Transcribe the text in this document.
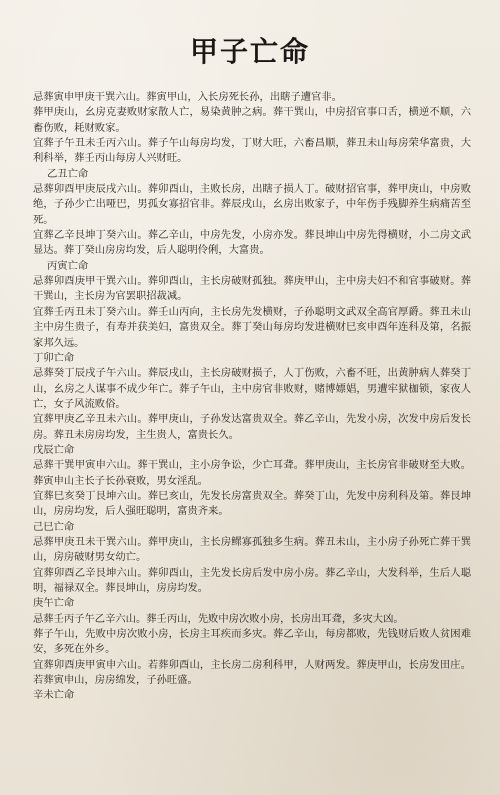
甲子亡命

忌葬寅申甲庚干巽六山。葬寅甲山，入长房死长孙，出瞎子遭官非。

葬甲庚山，幺房克妻败财家散人亡，易染黄肿之病。葬干巽山，中房招官事口舌，横逆不顺，六畜伤败，耗财败家。

宜葬子午丑未壬丙六山。葬子午山每房均发，丁财大旺，六畜昌顺，葬丑未山每房荣华富贵，大利科举，葬壬丙山每房人兴财旺。

乙丑亡命

忌葬卯酉甲庚辰戌六山。葬卯酉山，主败长房，出瞎子损人丁。破财招官事，葬甲庚山，中房败绝，子孙少亡出哑巴，男孤女寡招官非。葬辰戌山，幺房出败家子，中年伤手残脚养生病痛苦至死。

宜葬乙辛艮坤丁癸六山。葬乙辛山，中房先发，小房亦发。葬艮坤山中房先得横财，小二房文武显达。葬丁癸山房房均发，后人聪明伶俐，大富贵。

丙寅亡命

忌葬卯酉庚甲干巽六山。葬卯酉山，主长房破财孤独。葬庚甲山，主中房夫妇不和官事破财。葬干巽山，主长房为官罢职招裁减。

宜葬壬丙丑未丁癸六山。葬壬山丙向，主长房先发横财，子孙聪明文武双全高官厚爵。葬丑未山主中房生贵子，有寿并获美妇，富贵双全。葬丁癸山每房均发进横财巳亥申酉年连科及第，名振家邦久远。

丁卯亡命

忌葬癸丁辰戌子午六山。葬辰戌山，主长房破财损子，人丁伤败，六畜不旺，出黄肿病人葬癸丁山，幺房之人谋事不成少年亡。葬子午山，主中房官非败财，赌博嫖娼，男遭牢狱枷锁，家夜人亡，女子风流败俗。

宜葬甲庚乙辛丑未六山。葬甲庚山，子孙发达富贵双全。葬乙辛山，先发小房，次发中房后发长房。葬丑未房房均发，主生贵人，富贵长久。

戊辰亡命

忌葬干巽甲寅申六山。葬干巽山，主小房争讼，少亡耳聋。葬甲庚山，主长房官非破财至大败。葬寅申山主长子长孙衰败，男女淫乱。

宜葬巳亥癸丁艮坤六山。葬巳亥山，先发长房富贵双全。葬癸丁山，先发中房利科及第。葬艮坤山，房房均发，后人强旺聪明，富贵齐来。

己巳亡命

忌葬甲庚丑未干巽六山。葬甲庚山，主长房鳏寡孤独多生病。葬丑未山，主小房子孙死亡葬干巽山，房房破财男女幼亡。

宜葬卯酉乙辛艮坤六山。葬卯酉山，主先发长房后发中房小房。葬乙辛山，大发科举，生后人聪明，福禄双全。葬艮坤山，房房均发。

庚午亡命

忌葬壬丙子午乙辛六山。葬壬丙山，先败中房次败小房，长房出耳聋，多灾大凶。

葬子午山，先败中房次败小房，长房主耳疾而多灾。葬乙辛山，每房都败，先钱财后败人贫困难安，多死在外乡。

宜葬卯酉庚甲寅申六山。若葬卯酉山，主长房二房利科甲，人财两发。葬庚甲山，长房发田庄。若葬寅申山，房房绵发，子孙旺盛。

辛未亡命
